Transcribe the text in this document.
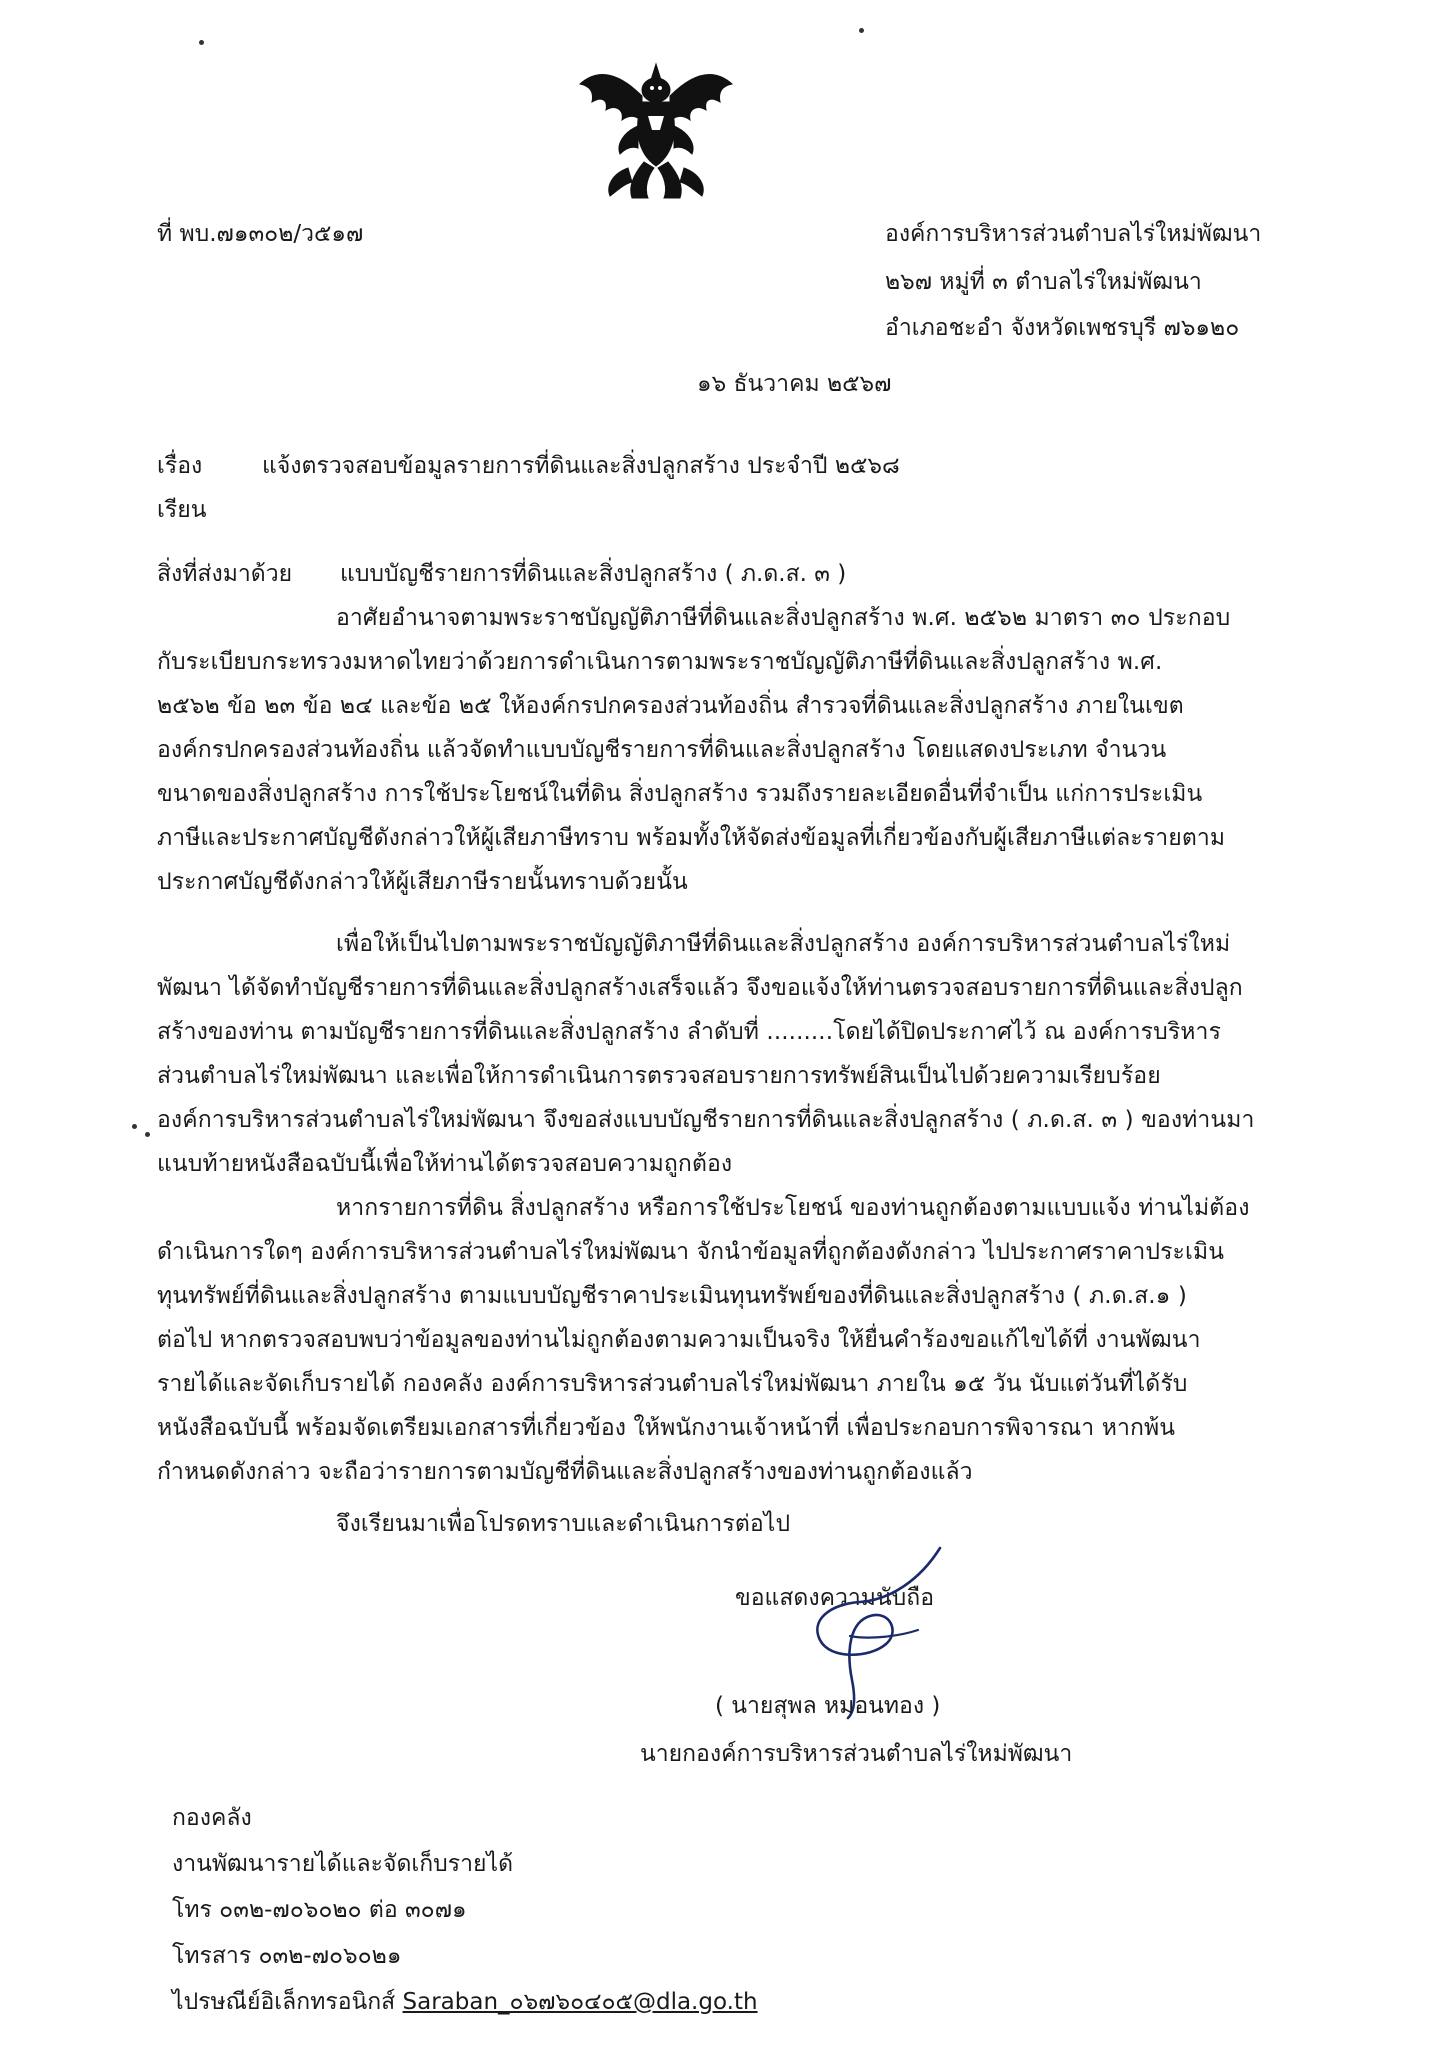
ที่ พบ.๗๑๓๐๒/ว๕๑๗	องค์การบริหารส่วนตำบลไร่ใหม่พัฒนา
๒๖๗ หมู่ที่ ๓ ตำบลไร่ใหม่พัฒนา
อำเภอชะอำ จังหวัดเพชรบุรี ๗๖๑๒๐
๑๖ ธันวาคม ๒๕๖๗
เรื่อง	แจ้งตรวจสอบข้อมูลรายการที่ดินและสิ่งปลูกสร้าง ประจำปี ๒๕๖๘
เรียน
สิ่งที่ส่งมาด้วย แบบบัญชีรายการที่ดินและสิ่งปลูกสร้าง ( ภ.ด.ส. ๓ )
อาศัยอำนาจตามพระราชบัญญัติภาษีที่ดินและสิ่งปลูกสร้าง พ.ศ. ๒๕๖๒ มาตรา ๓๐ ประกอบ
กับระเบียบกระทรวงมหาดไทยว่าด้วยการดำเนินการตามพระราชบัญญัติภาษีที่ดินและสิ่งปลูกสร้าง พ.ศ.
๒๕๖๒ ข้อ ๒๓ ข้อ ๒๔ และข้อ ๒๕ ให้องค์กรปกครองส่วนท้องถิ่น สำรวจที่ดินและสิ่งปลูกสร้าง ภายในเขต
องค์กรปกครองส่วนท้องถิ่น แล้วจัดทำแบบบัญชีรายการที่ดินและสิ่งปลูกสร้าง โดยแสดงประเภท จำนวน
ขนาดของสิ่งปลูกสร้าง การใช้ประโยชน์ในที่ดิน สิ่งปลูกสร้าง รวมถึงรายละเอียดอื่นที่จำเป็น แก่การประเมิน
ภาษีและประกาศบัญชีดังกล่าวให้ผู้เสียภาษีทราบ พร้อมทั้งให้จัดส่งข้อมูลที่เกี่ยวข้องกับผู้เสียภาษีแต่ละรายตาม
ประกาศบัญชีดังกล่าวให้ผู้เสียภาษีรายนั้นทราบด้วยนั้น
เพื่อให้เป็นไปตามพระราชบัญญัติภาษีที่ดินและสิ่งปลูกสร้าง องค์การบริหารส่วนตำบลไร่ใหม่
พัฒนา ได้จัดทำบัญชีรายการที่ดินและสิ่งปลูกสร้างเสร็จแล้ว จึงขอแจ้งให้ท่านตรวจสอบรายการที่ดินและสิ่งปลูก
สร้างของท่าน ตามบัญชีรายการที่ดินและสิ่งปลูกสร้าง ลำดับที่ .........โดยได้ปิดประกาศไว้ ณ องค์การบริหาร
ส่วนตำบลไร่ใหม่พัฒนา และเพื่อให้การดำเนินการตรวจสอบรายการทรัพย์สินเป็นไปด้วยความเรียบร้อย
องค์การบริหารส่วนตำบลไร่ใหม่พัฒนา จึงขอส่งแบบบัญชีรายการที่ดินและสิ่งปลูกสร้าง ( ภ.ด.ส. ๓ ) ของท่านมา
แนบท้ายหนังสือฉบับนี้เพื่อให้ท่านได้ตรวจสอบความถูกต้อง
หากรายการที่ดิน สิ่งปลูกสร้าง หรือการใช้ประโยชน์ ของท่านถูกต้องตามแบบแจ้ง ท่านไม่ต้อง
ดำเนินการใดๆ องค์การบริหารส่วนตำบลไร่ใหม่พัฒนา จักนำข้อมูลที่ถูกต้องดังกล่าว ไปประกาศราคาประเมิน
ทุนทรัพย์ที่ดินและสิ่งปลูกสร้าง ตามแบบบัญชีราคาประเมินทุนทรัพย์ของที่ดินและสิ่งปลูกสร้าง ( ภ.ด.ส.๑ )
ต่อไป หากตรวจสอบพบว่าข้อมูลของท่านไม่ถูกต้องตามความเป็นจริง ให้ยื่นคำร้องขอแก้ไขได้ที่ งานพัฒนา
รายได้และจัดเก็บรายได้ กองคลัง องค์การบริหารส่วนตำบลไร่ใหม่พัฒนา ภายใน ๑๕ วัน นับแต่วันที่ได้รับ
หนังสือฉบับนี้ พร้อมจัดเตรียมเอกสารที่เกี่ยวข้อง ให้พนักงานเจ้าหน้าที่ เพื่อประกอบการพิจารณา หากพ้น
กำหนดดังกล่าว จะถือว่ารายการตามบัญชีที่ดินและสิ่งปลูกสร้างของท่านถูกต้องแล้ว
จึงเรียนมาเพื่อโปรดทราบและดำเนินการต่อไป
ขอแสดงความนับถือ
( นายสุพล หมอนทอง )
นายกองค์การบริหารส่วนตำบลไร่ใหม่พัฒนา
กองคลัง
งานพัฒนารายได้และจัดเก็บรายได้
โทร ๐๓๒-๗๐๖๐๒๐ ต่อ ๓๐๗๑
โทรสาร ๐๓๒-๗๐๖๐๒๑
ไปรษณีย์อิเล็กทรอนิกส์ Saraban_๐๖๗๖๐๔๐๕@dla.go.th
